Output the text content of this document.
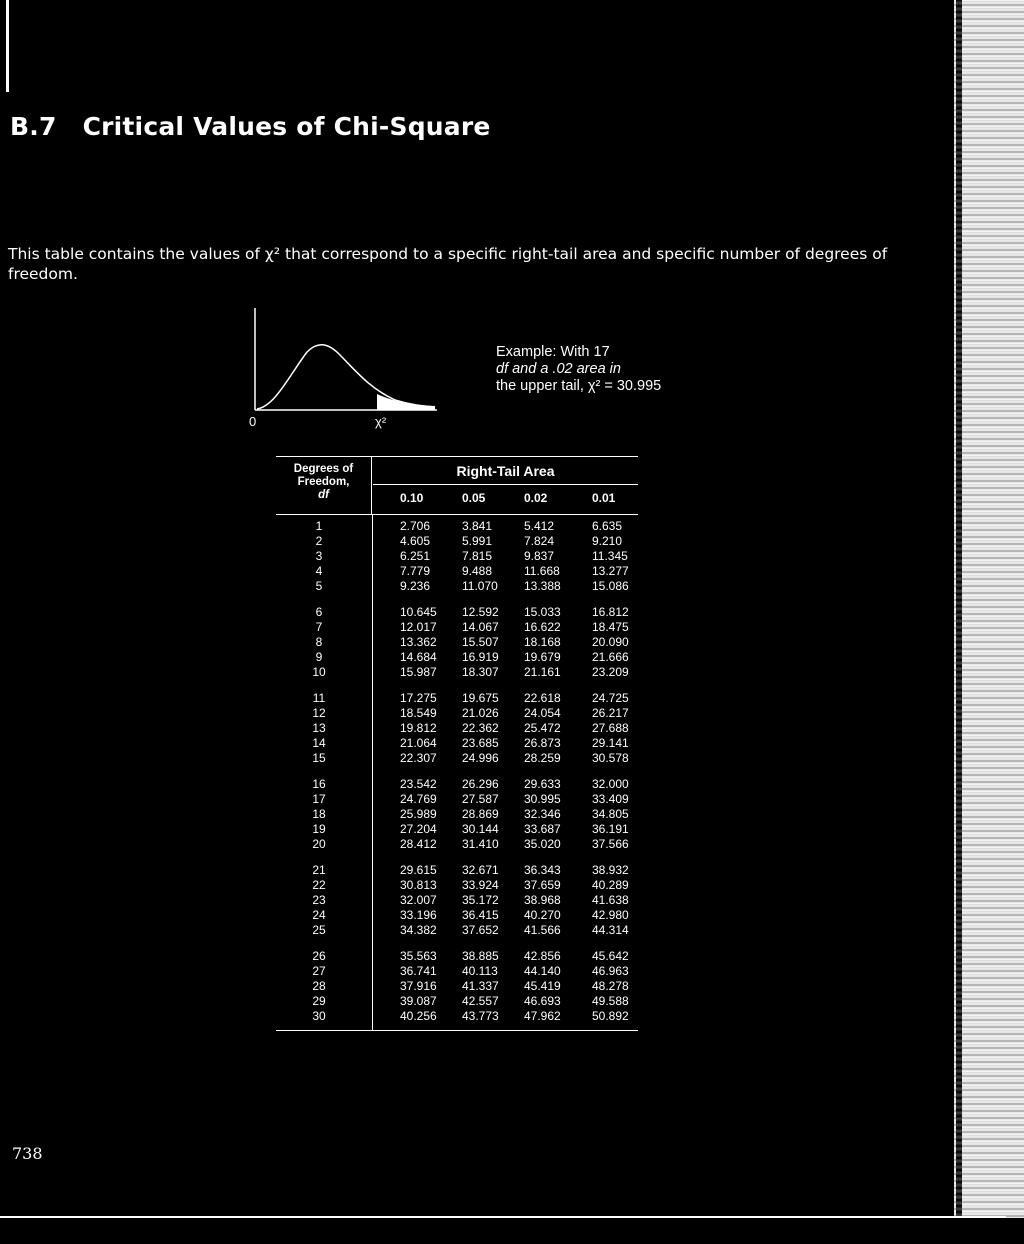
B.7 Critical Values of Chi-Square
This table contains the values of χ² that correspond to a specific right-tail area and specific number of degrees of freedom.
0	χ²
Example: With 17
df and a .02 area in
the upper tail, χ² = 30.995
Degrees of
Freedom,
df
Right-Tail Area
0.10	0.05	0.02	0.01
1	2.706	3.841	5.412	6.635
2	4.605	5.991	7.824	9.210
3	6.251	7.815	9.837	11.345
4	7.779	9.488	11.668	13.277
5	9.236	11.070 13.388	15.086
6	10.645 12.592 15.033	16.812
7	12.017 14.067 16.622	18.475
8	13.362 15.507 18.168	20.090
9	14.684 16.919 19.679	21.666
10	15.987 18.307 21.161	23.209
11	17.275 19.675 22.618	24.725
12	18.549 21.026 24.054	26.217
13	19.812 22.362 25.472	27.688
14	21.064 23.685 26.873	29.141
15	22.307 24.996 28.259	30.578
16	23.542 26.296 29.633	32.000
17	24.769 27.587 30.995	33.409
18	25.989 28.869 32.346	34.805
19	27.204 30.144 33.687	36.191
20	28.412 31.410 35.020	37.566
21	29.615 32.671 36.343	38.932
22	30.813 33.924 37.659	40.289
23	32.007 35.172 38.968	41.638
24	33.196 36.415 40.270	42.980
25	34.382 37.652 41.566	44.314
26	35.563 38.885 42.856	45.642
27	36.741 40.113 44.140	46.963
28	37.916 41.337 45.419	48.278
29	39.087 42.557 46.693	49.588
30	40.256 43.773 47.962	50.892
738
